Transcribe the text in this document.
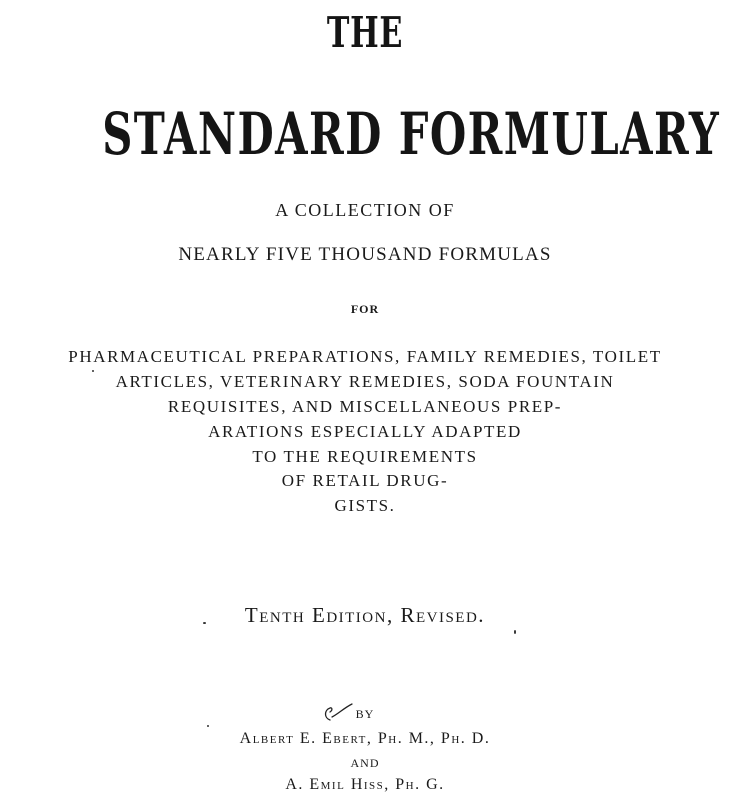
THE
STANDARD FORMULARY
A COLLECTION OF
NEARLY FIVE THOUSAND FORMULAS
FOR
PHARMACEUTICAL PREPARATIONS, FAMILY REMEDIES, TOILET
ARTICLES, VETERINARY REMEDIES, SODA FOUNTAIN
REQUISITES, AND MISCELLANEOUS PREP-
ARATIONS ESPECIALLY ADAPTED
TO THE REQUIREMENTS
OF RETAIL DRUG-
GISTS.
Tenth Edition, Revised.
BY
Albert E. Ebert, Ph. M., Ph. D.
AND
A. Emil Hiss, Ph. G.
